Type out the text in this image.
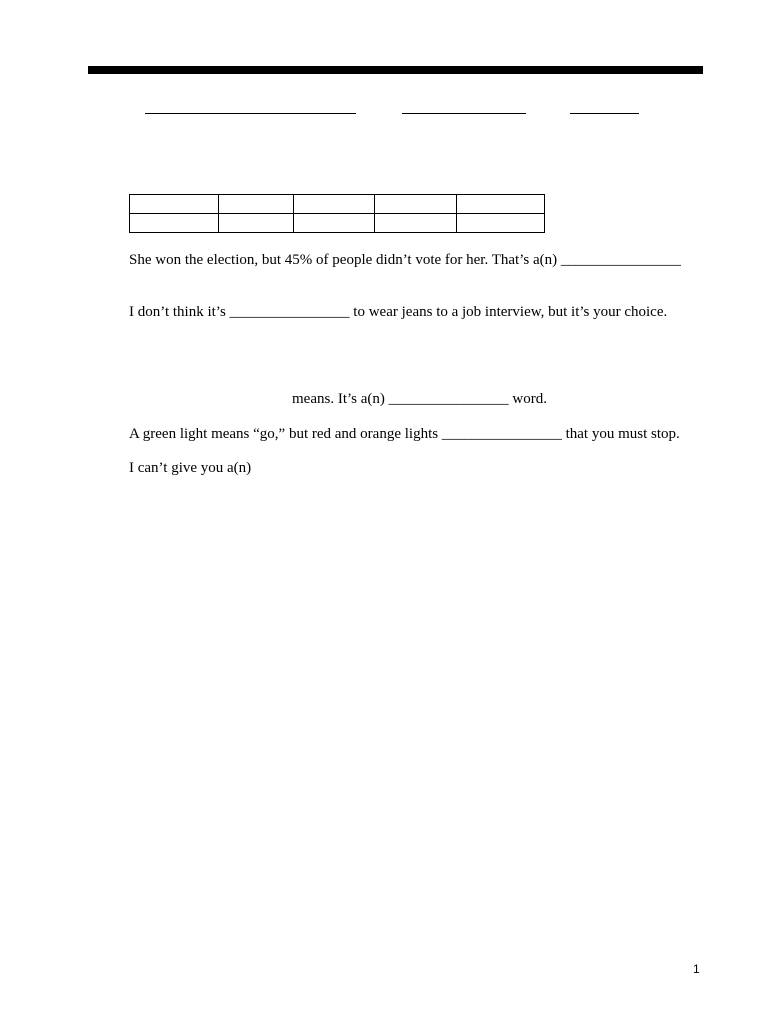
She won the election, but 45% of people didn’t vote for her. That’s a(n) ________________
I don’t think it’s ________________ to wear jeans to a job interview, but it’s your choice.
means. It’s a(n) ________________ word.
A green light means “go,” but red and orange lights ________________ that you must stop.
I can’t give you a(n)
1
